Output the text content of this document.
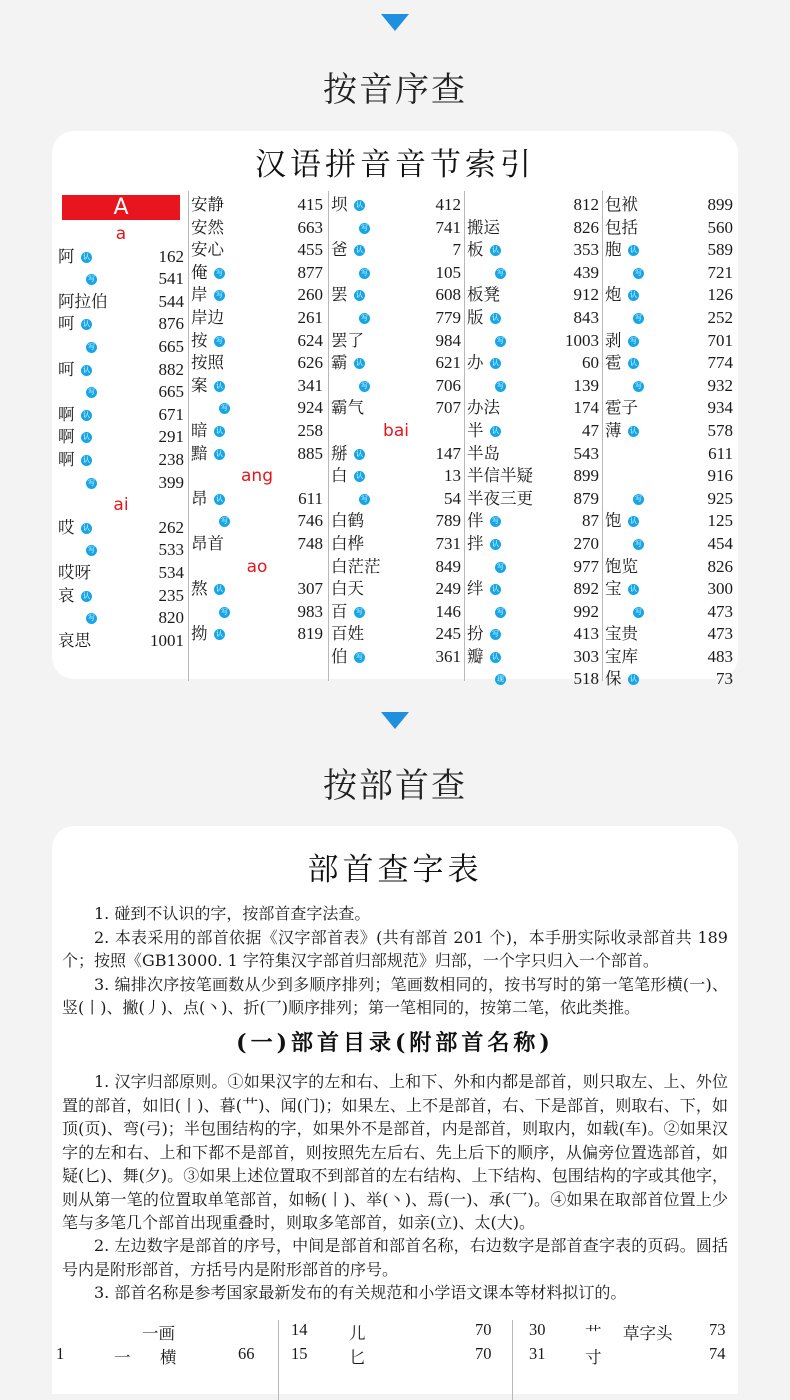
按音序查
汉语拼音音节索引
A
a
阿 认	162
写	541
阿拉伯	544
呵 认	876
写	665
呵 认	882
写	665
啊 认	671
啊 认	291
啊 认	238
写	399
ai
哎 认	262
写	533
哎呀	534
哀 认	235
写	820
哀思	1001
安静	415
安然	663
安心	455
俺 写	877
岸 写	260
岸边	261
按 写	624
按照	626
案 认	341
写	924
暗 认	258
黯 认	885
ang
昂 认	611
写	746
昂首	748
ao
熬 认	307
写	983
拗 认	819
坝 认	412
写	741
爸 认	7
写	105
罢 认	608
写	779
罢了	984
霸 认	621
写	706
霸气	707
bai
掰 认	147
白 认	13
写	54
白鹤	789
白桦	731
白茫茫	849
白天	249
百 写	146
百姓	245
伯 写	361
812
搬运	826
板 认	353
写	439
板凳	912
版 认	843
写	1003
办 认	60
写	139
办法	174
半 认	47
半岛	543
半信半疑 899
半夜三更 879
伴 写	87
拌 认	270
写	977
绊 认	892
写	992
扮 写	413
瓣 认	303
现	518
包袱	899
包括	560
胞 认	589
写	721
炮 认	126
写	252
剥 写	701
雹 认	774
写	932
雹子	934
薄 认	578
611
916
写	925
饱 认	125
写	454
饱览	826
宝 认	300
写	473
宝贵	473
宝库	483
保 认	73
按部首查
部首查字表
1. 碰到不认识的字，按部首查字法查。
2. 本表采用的部首依据《汉字部首表》(共有部首 201 个)，本手册实际收录部首共 189 个；按照《GB13000. 1 字符集汉字部首归部规范》归部，一个字只归入一个部首。
3. 编排次序按笔画数从少到多顺序排列；笔画数相同的，按书写时的第一笔笔形横(一)、竖(丨)、撇(丿)、点(丶)、折(乛)顺序排列；第一笔相同的，按第二笔，依此类推。
(一)部首目录(附部首名称)
1. 汉字归部原则。①如果汉字的左和右、上和下、外和内都是部首，则只取左、上、外位置的部首，如旧(丨)、暮(艹)、闻(门)；如果左、上不是部首，右、下是部首，则取右、下，如顶(页)、弯(弓)；半包围结构的字，如果外不是部首，内是部首，则取内，如载(车)。②如果汉字的左和右、上和下都不是部首，则按照先左后右、先上后下的顺序，从偏旁位置选部首，如疑(匕)、舞(夕)。③如果上述位置取不到部首的左右结构、上下结构、包围结构的字或其他字，则从第一笔的位置取单笔部首，如畅(丨)、举(丶)、焉(一)、承(乛)。④如果在取部首位置上少笔与多笔几个部首出现重叠时，则取多笔部首，如亲(立)、太(大)。
2. 左边数字是部首的序号，中间是部首和部首名称，右边数字是部首查字表的页码。圆括号内是附形部首，方括号内是附形部首的序号。
3. 部首名称是参考国家最新发布的有关规范和小学语文课本等材料拟订的。
一画
1	一 横	66
14	儿	70
15	匕	70
30 艹 草字头 73
31 寸	74
